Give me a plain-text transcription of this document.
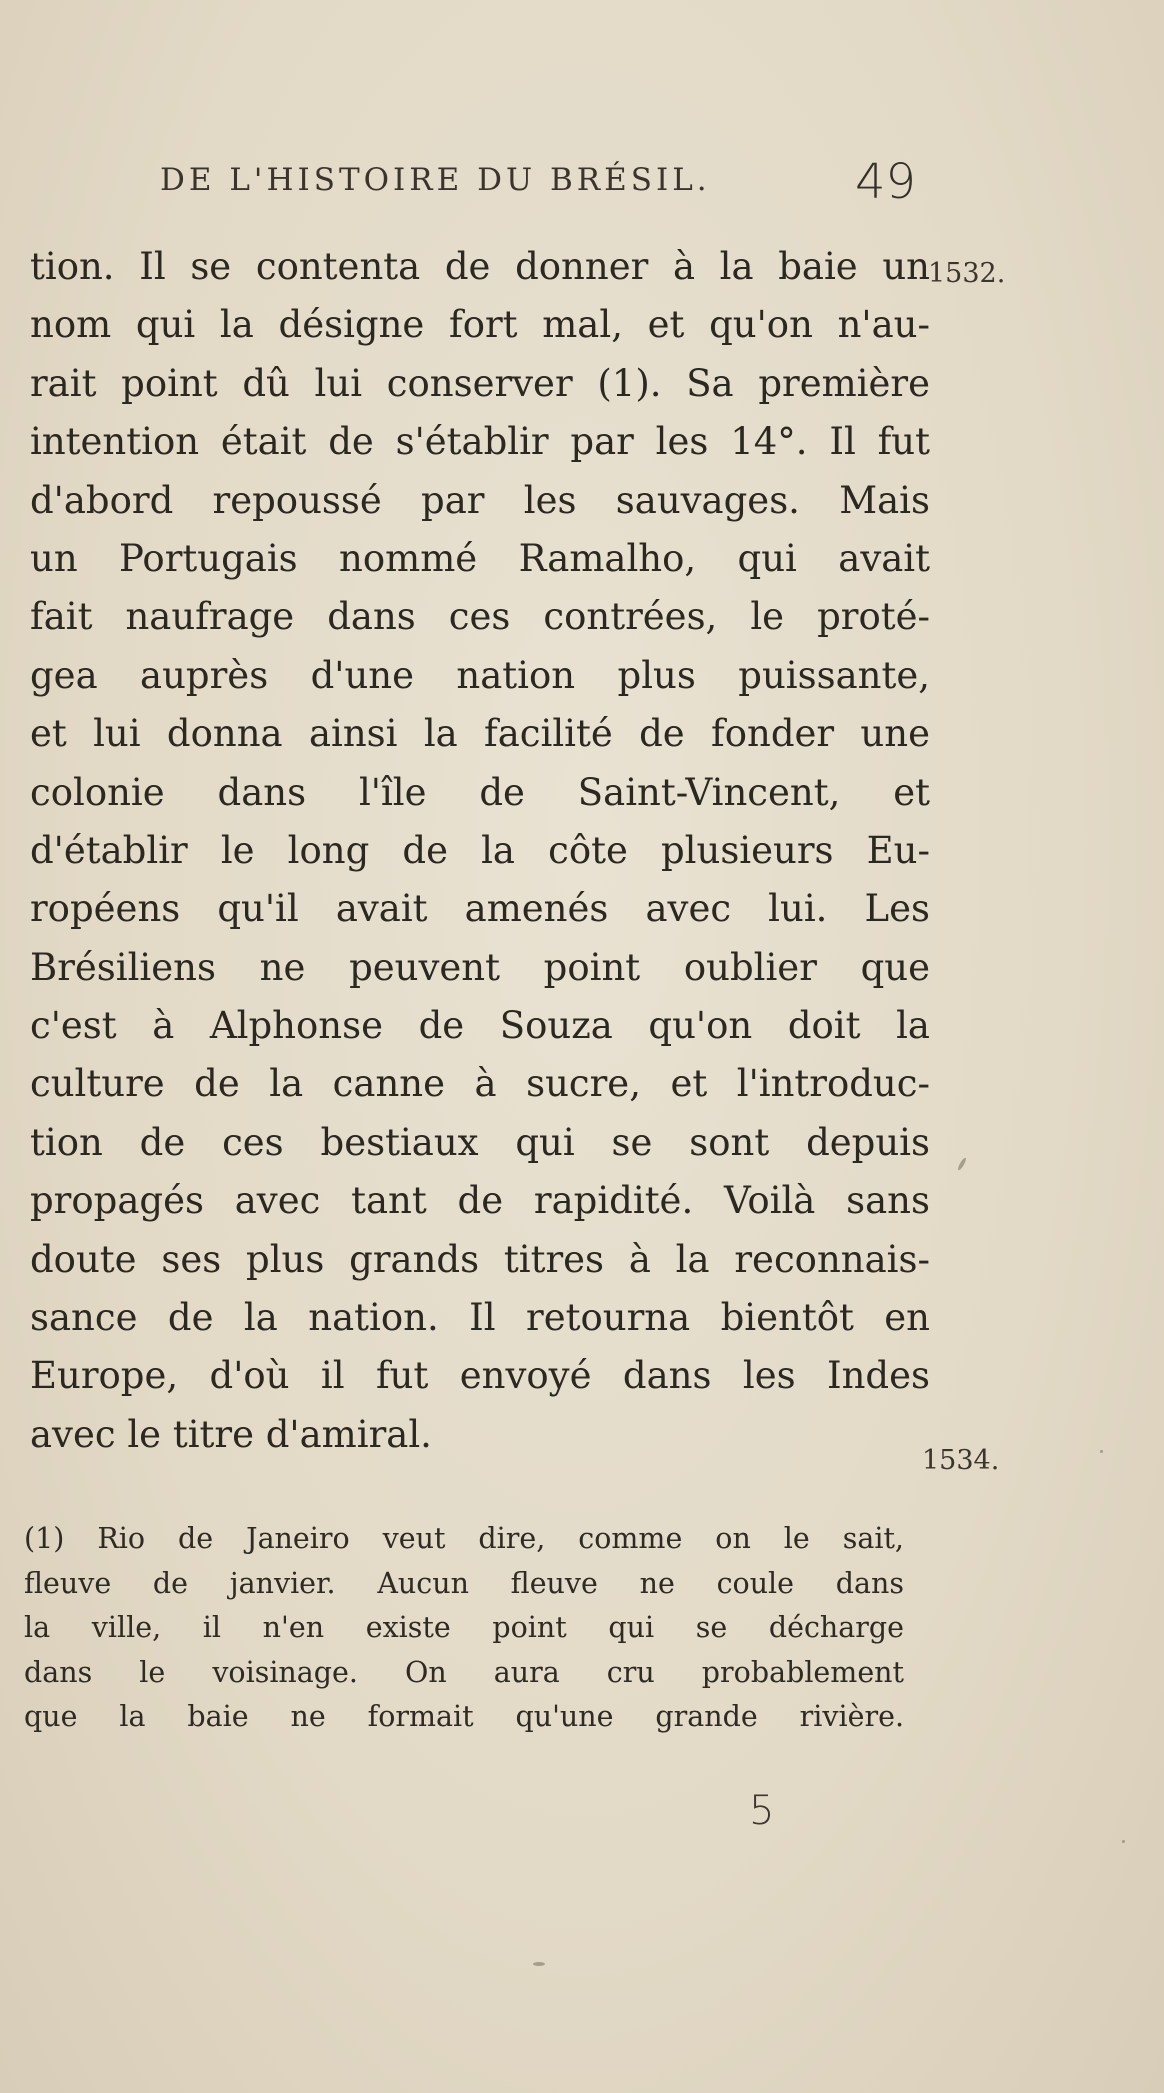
DE L'HISTOIRE DU BRÉSIL.	49
1532.
tion. Il se contenta de donner à la baie un
nom qui la désigne fort mal, et qu'on n'au-
rait point dû lui conserver (1). Sa première
intention était de s'établir par les 14°. Il fut
d'abord repoussé par les sauvages. Mais
un Portugais nommé Ramalho, qui avait
fait naufrage dans ces contrées, le proté-
gea auprès d'une nation plus puissante,
et lui donna ainsi la facilité de fonder une
colonie dans l'île de Saint-Vincent, et
d'établir le long de la côte plusieurs Eu-
ropéens qu'il avait amenés avec lui. Les
Brésiliens ne peuvent point oublier que
c'est à Alphonse de Souza qu'on doit la
culture de la canne à sucre, et l'introduc-
tion de ces bestiaux qui se sont depuis
propagés avec tant de rapidité. Voilà sans
doute ses plus grands titres à la reconnais-
sance de la nation. Il retourna bientôt en
Europe, d'où il fut envoyé dans les Indes
avec le titre d'amiral.
1534.
(1) Rio de Janeiro veut dire, comme on le sait,
fleuve de janvier. Aucun fleuve ne coule dans
la ville, il n'en existe point qui se décharge
dans le voisinage. On aura cru probablement
que la baie ne formait qu'une grande rivière.
5
